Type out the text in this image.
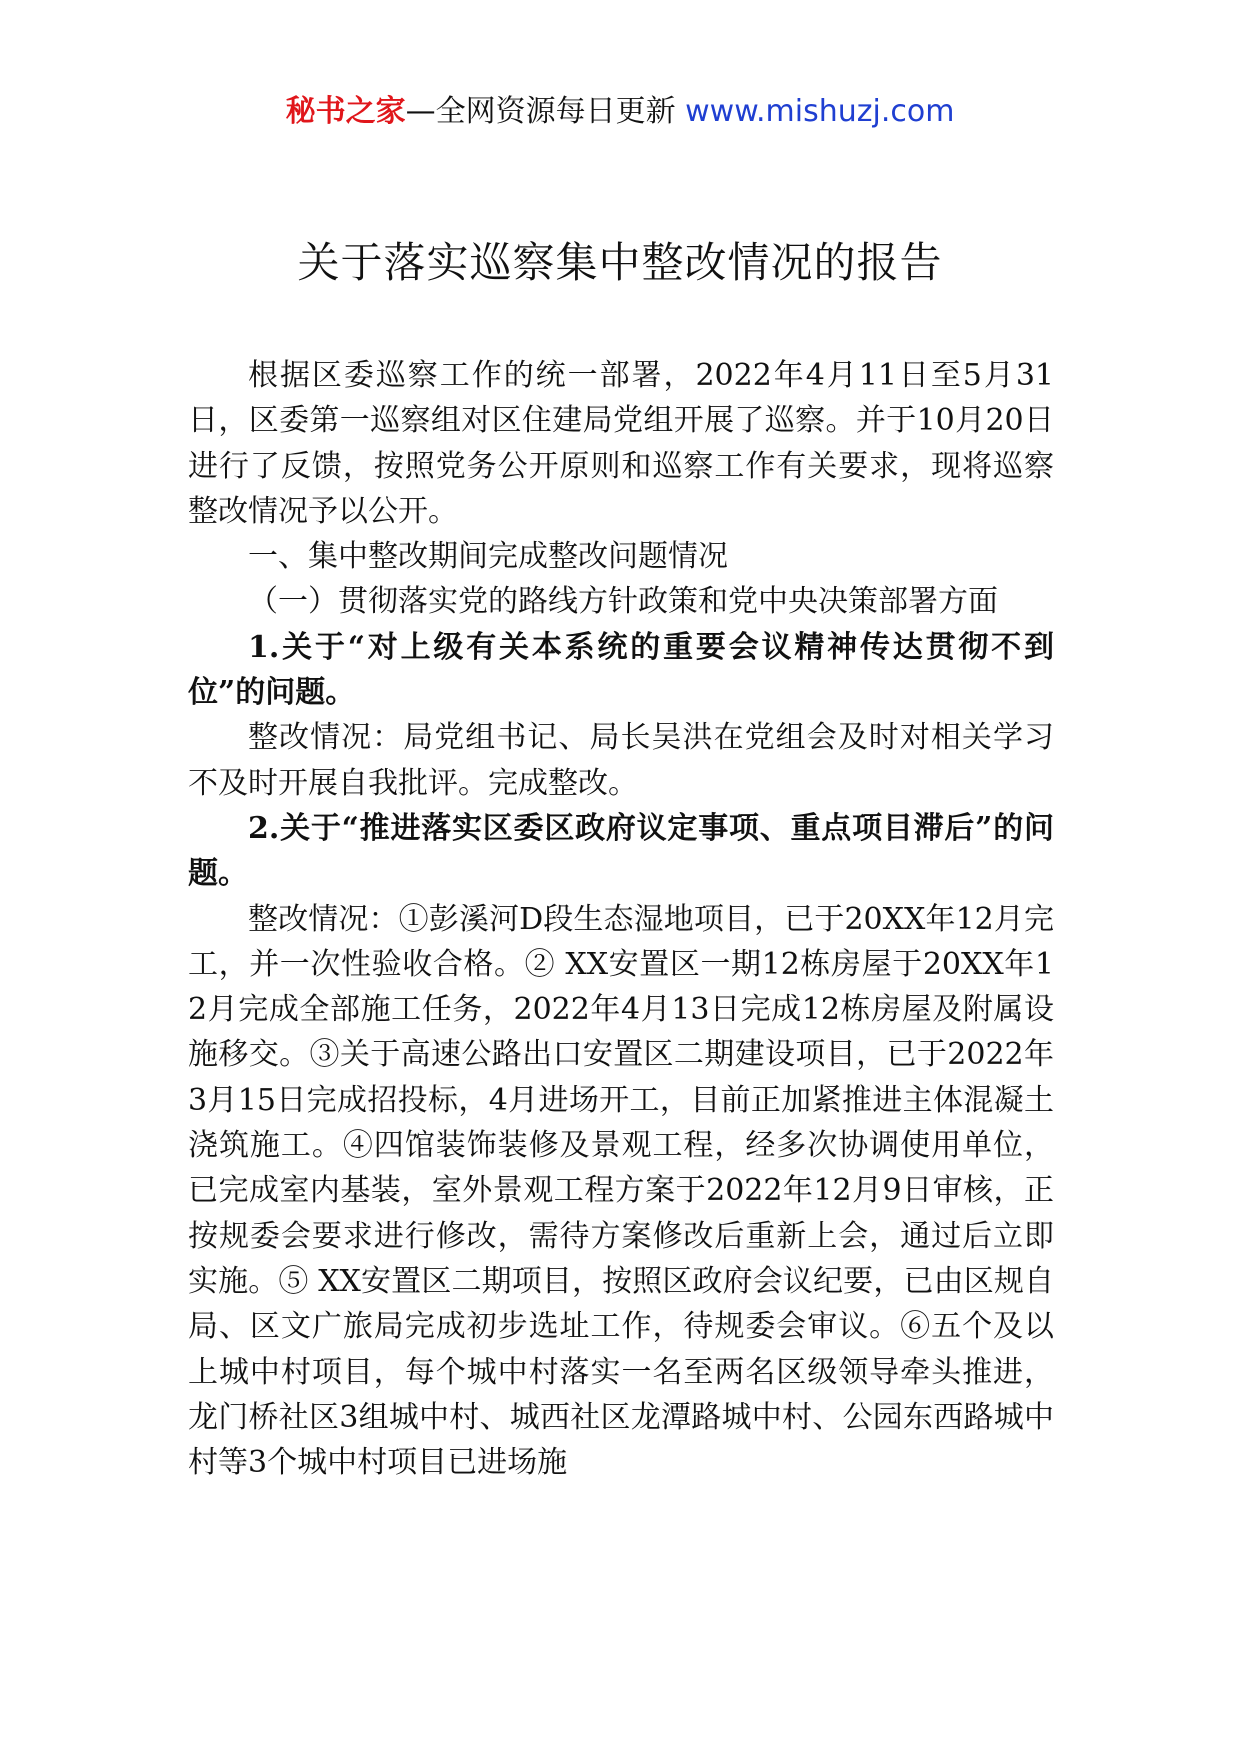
秘书之家—全网资源每日更新 www.mishuzj.com
关于落实巡察集中整改情况的报告

根据区委巡察工作的统一部署，2022年4月11日至5月31日，区委第一巡察组对区住建局党组开展了巡察。并于10月20日进行了反馈，按照党务公开原则和巡察工作有关要求，现将巡察整改情况予以公开。

一、集中整改期间完成整改问题情况

（一）贯彻落实党的路线方针政策和党中央决策部署方面

1.关于“对上级有关本系统的重要会议精神传达贯彻不到位”的问题。

整改情况：局党组书记、局长吴洪在党组会及时对相关学习不及时开展自我批评。完成整改。

2.关于“推进落实区委区政府议定事项、重点项目滞后”的问题。

整改情况：①彭溪河D段生态湿地项目，已于20XX年12月完工，并一次性验收合格。② XX安置区一期12栋房屋于20XX年12月完成全部施工任务，2022年4月13日完成12栋房屋及附属设施移交。③关于高速公路出口安置区二期建设项目，已于2022年3月15日完成招投标，4月进场开工，目前正加紧推进主体混凝土浇筑施工。④四馆装饰装修及景观工程，经多次协调使用单位，已完成室内基装，室外景观工程方案于2022年12月9日审核，正按规委会要求进行修改，需待方案修改后重新上会，通过后立即实施。⑤ XX安置区二期项目，按照区政府会议纪要，已由区规自局、区文广旅局完成初步选址工作，待规委会审议。⑥五个及以上城中村项目，每个城中村落实一名至两名区级领导牵头推进，龙门桥社区3组城中村、城西社区龙潭路城中村、公园东西路城中村等3个城中村项目已进场施
